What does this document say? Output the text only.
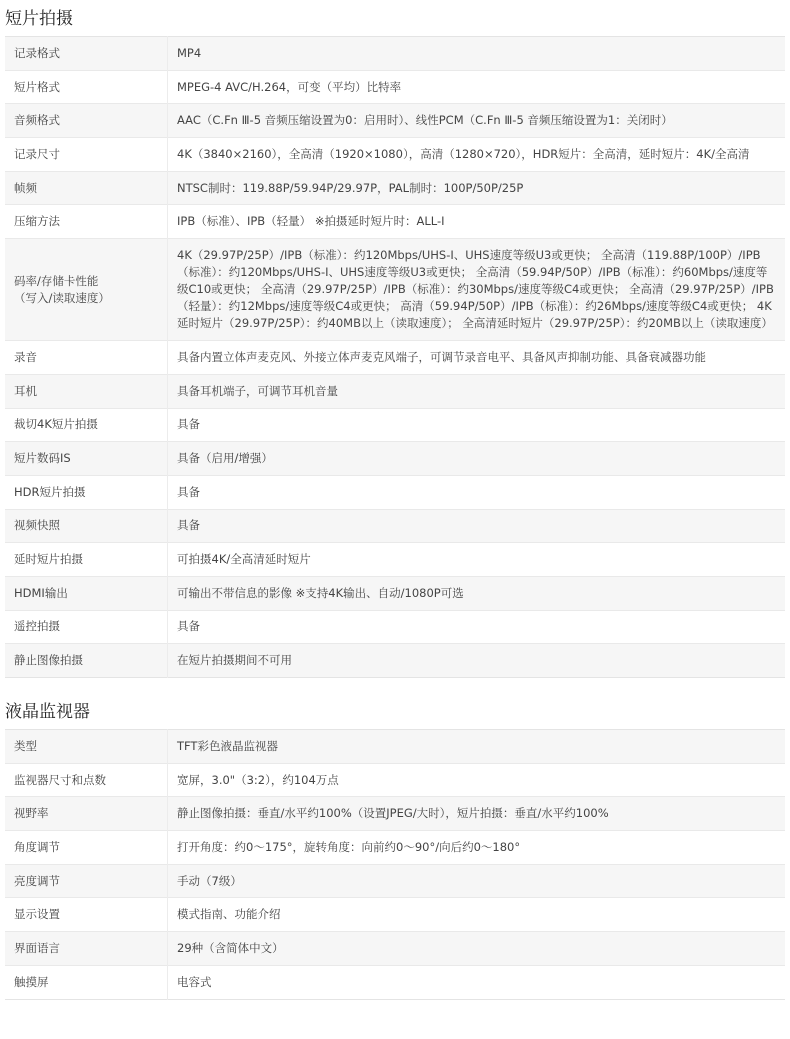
短片拍摄
记录格式	MP4
短片格式	MPEG-4 AVC/H.264，可变（平均）比特率
音频格式	AAC（C.Fn Ⅲ-5 音频压缩设置为0：启用时）、线性PCM（C.Fn Ⅲ-5 音频压缩设置为1：关闭时）
记录尺寸	4K（3840×2160），全高清（1920×1080），高清（1280×720），HDR短片：全高清，延时短片：4K/全高清
帧频	NTSC制时：119.88P/59.94P/29.97P，PAL制时：100P/50P/25P
压缩方法	IPB（标准）、IPB（轻量） ※拍摄延时短片时：ALL-I
码率/存储卡性能
（写入/读取速度）	4K（29.97P/25P）/IPB（标准）：约120Mbps/UHS-I、UHS速度等级U3或更快； 全高清（119.88P/100P）/IPB（标准）：约120Mbps/UHS-I、UHS速度等级U3或更快； 全高清（59.94P/50P）/IPB（标准）：约60Mbps/速度等级C10或更快； 全高清（29.97P/25P）/IPB（标准）：约30Mbps/速度等级C4或更快； 全高清（29.97P/25P）/IPB（轻量）：约12Mbps/速度等级C4或更快； 高清（59.94P/50P）/IPB（标准）：约26Mbps/速度等级C4或更快； 4K延时短片（29.97P/25P）：约40MB以上（读取速度）； 全高清延时短片（29.97P/25P）：约20MB以上（读取速度）
录音	具备内置立体声麦克风、外接立体声麦克风端子，可调节录音电平、具备风声抑制功能、具备衰减器功能
耳机	具备耳机端子，可调节耳机音量
裁切4K短片拍摄	具备
短片数码IS	具备（启用/增强）
HDR短片拍摄	具备
视频快照	具备
延时短片拍摄	可拍摄4K/全高清延时短片
HDMI输出	可输出不带信息的影像 ※支持4K输出、自动/1080P可选
遥控拍摄	具备
静止图像拍摄	在短片拍摄期间不可用
液晶监视器
类型	TFT彩色液晶监视器
监视器尺寸和点数	宽屏，3.0"（3:2），约104万点
视野率	静止图像拍摄：垂直/水平约100%（设置JPEG/大时），短片拍摄：垂直/水平约100%
角度调节	打开角度：约0～175°，旋转角度：向前约0～90°/向后约0～180°
亮度调节	手动（7级）
显示设置	模式指南、功能介绍
界面语言	29种（含简体中文）
触摸屏	电容式
